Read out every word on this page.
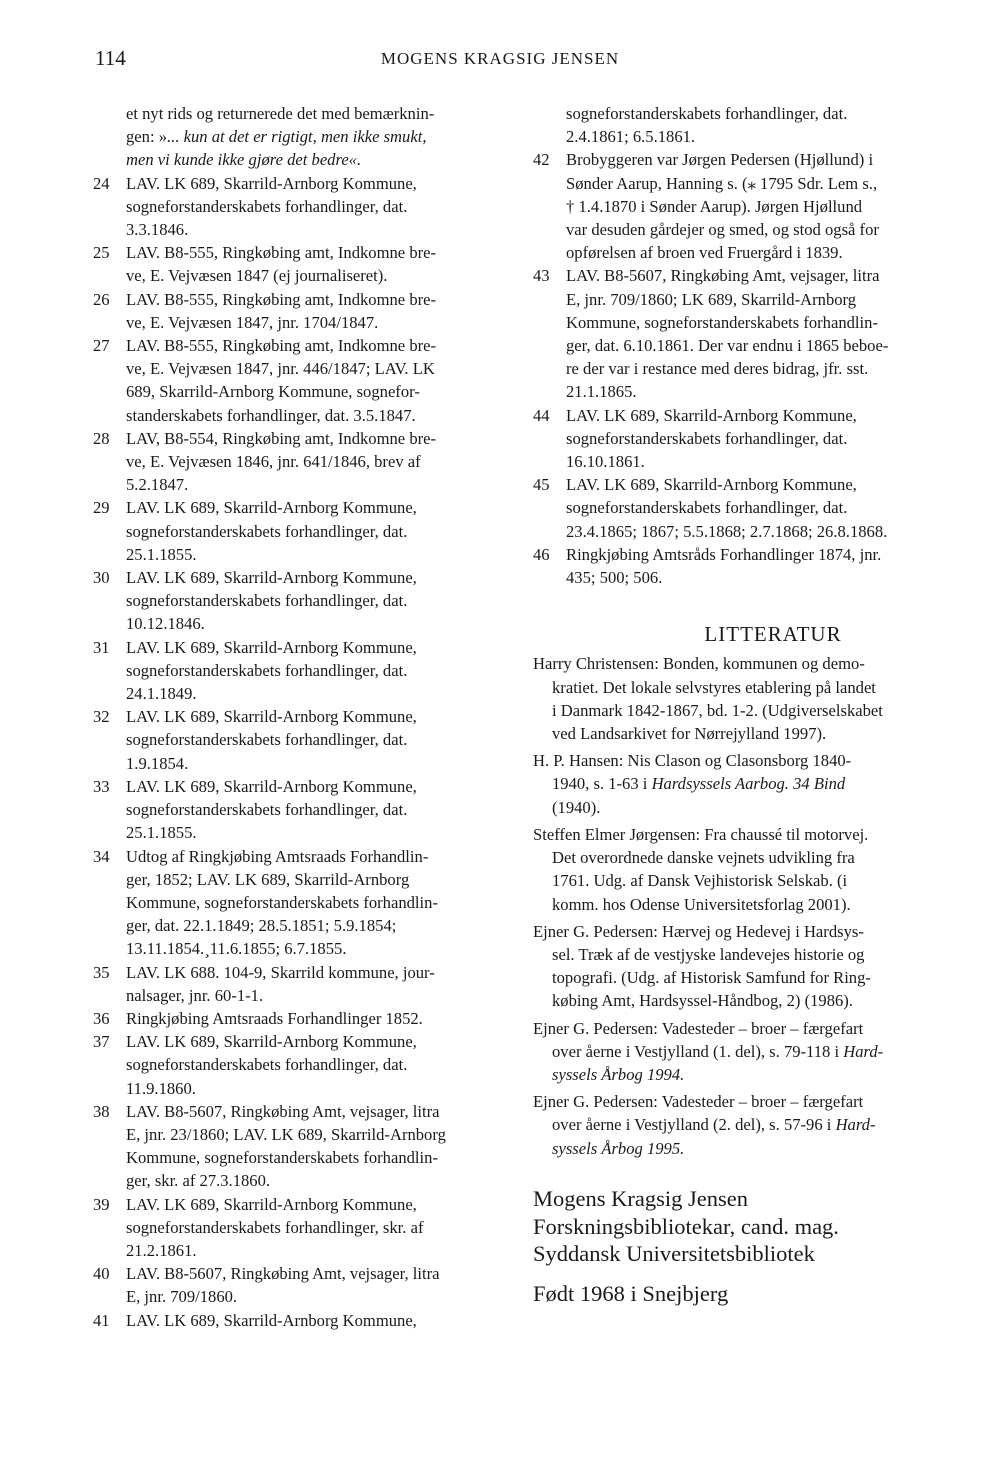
114	MOGENS KRAGSIG JENSEN
et nyt rids og returnerede det med bemærknin-
gen: »... kun at det er rigtigt, men ikke smukt,
men vi kunde ikke gjøre det bedre«.
24 LAV. LK 689, Skarrild-Arnborg Kommune,
sogneforstanderskabets forhandlinger, dat.
3.3.1846.
25 LAV. B8-555, Ringkøbing amt, Indkomne bre-
ve, E. Vejvæsen 1847 (ej journaliseret).
26 LAV. B8-555, Ringkøbing amt, Indkomne bre-
ve, E. Vejvæsen 1847, jnr. 1704/1847.
27 LAV. B8-555, Ringkøbing amt, Indkomne bre-
ve, E. Vejvæsen 1847, jnr. 446/1847; LAV. LK
689, Skarrild-Arnborg Kommune, sognefor-
standerskabets forhandlinger, dat. 3.5.1847.
28 LAV, B8-554, Ringkøbing amt, Indkomne bre-
ve, E. Vejvæsen 1846, jnr. 641/1846, brev af
5.2.1847.
29 LAV. LK 689, Skarrild-Arnborg Kommune,
sogneforstanderskabets forhandlinger, dat.
25.1.1855.
30 LAV. LK 689, Skarrild-Arnborg Kommune,
sogneforstanderskabets forhandlinger, dat.
10.12.1846.
31 LAV. LK 689, Skarrild-Arnborg Kommune,
sogneforstanderskabets forhandlinger, dat.
24.1.1849.
32 LAV. LK 689, Skarrild-Arnborg Kommune,
sogneforstanderskabets forhandlinger, dat.
1.9.1854.
33 LAV. LK 689, Skarrild-Arnborg Kommune,
sogneforstanderskabets forhandlinger, dat.
25.1.1855.
34 Udtog af Ringkjøbing Amtsraads Forhandlin-
ger, 1852; LAV. LK 689, Skarrild-Arnborg
Kommune, sogneforstanderskabets forhandlin-
ger, dat. 22.1.1849; 28.5.1851; 5.9.1854;
13.11.1854.¸11.6.1855; 6.7.1855.
35 LAV. LK 688. 104-9, Skarrild kommune, jour-
nalsager, jnr. 60-1-1.
36 Ringkjøbing Amtsraads Forhandlinger 1852.
37 LAV. LK 689, Skarrild-Arnborg Kommune,
sogneforstanderskabets forhandlinger, dat.
11.9.1860.
38 LAV. B8-5607, Ringkøbing Amt, vejsager, litra
E, jnr. 23/1860; LAV. LK 689, Skarrild-Arnborg
Kommune, sogneforstanderskabets forhandlin-
ger, skr. af 27.3.1860.
39 LAV. LK 689, Skarrild-Arnborg Kommune,
sogneforstanderskabets forhandlinger, skr. af
21.2.1861.
40 LAV. B8-5607, Ringkøbing Amt, vejsager, litra
E, jnr. 709/1860.
41 LAV. LK 689, Skarrild-Arnborg Kommune,
sogneforstanderskabets forhandlinger, dat.
2.4.1861; 6.5.1861.
42 Brobyggeren var Jørgen Pedersen (Hjøllund) i
Sønder Aarup, Hanning s. (⁎ 1795 Sdr. Lem s.,
† 1.4.1870 i Sønder Aarup). Jørgen Hjøllund
var desuden gårdejer og smed, og stod også for
opførelsen af broen ved Fruergård i 1839.
43 LAV. B8-5607, Ringkøbing Amt, vejsager, litra
E, jnr. 709/1860; LK 689, Skarrild-Arnborg
Kommune, sogneforstanderskabets forhandlin-
ger, dat. 6.10.1861. Der var endnu i 1865 beboe-
re der var i restance med deres bidrag, jfr. sst.
21.1.1865.
44 LAV. LK 689, Skarrild-Arnborg Kommune,
sogneforstanderskabets forhandlinger, dat.
16.10.1861.
45 LAV. LK 689, Skarrild-Arnborg Kommune,
sogneforstanderskabets forhandlinger, dat.
23.4.1865; 1867; 5.5.1868; 2.7.1868; 26.8.1868.
46 Ringkjøbing Amtsråds Forhandlinger 1874, jnr.
435; 500; 506.
LITTERATUR
Harry Christensen: Bonden, kommunen og demo-
kratiet. Det lokale selvstyres etablering på landet
i Danmark 1842-1867, bd. 1-2. (Udgiverselskabet
ved Landsarkivet for Nørrejylland 1997).
H. P. Hansen: Nis Clason og Clasonsborg 1840-
1940, s. 1-63 i Hardsyssels Aarbog. 34 Bind
(1940).
Steffen Elmer Jørgensen: Fra chaussé til motorvej.
Det overordnede danske vejnets udvikling fra
1761. Udg. af Dansk Vejhistorisk Selskab. (i
komm. hos Odense Universitetsforlag 2001).
Ejner G. Pedersen: Hærvej og Hedevej i Hardsys-
sel. Træk af de vestjyske landevejes historie og
topografi. (Udg. af Historisk Samfund for Ring-
købing Amt, Hardsyssel-Håndbog, 2) (1986).
Ejner G. Pedersen: Vadesteder – broer – færgefart
over åerne i Vestjylland (1. del), s. 79-118 i Hard-
syssels Årbog 1994.
Ejner G. Pedersen: Vadesteder – broer – færgefart
over åerne i Vestjylland (2. del), s. 57-96 i Hard-
syssels Årbog 1995.
Mogens Kragsig Jensen
Forskningsbibliotekar, cand. mag.
Syddansk Universitetsbibliotek
Født 1968 i Snejbjerg
